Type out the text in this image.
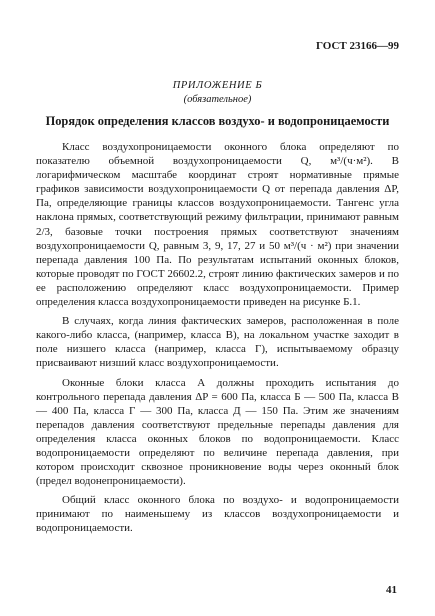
ГОСТ 23166—99
ПРИЛОЖЕНИЕ Б
(обязательное)
Порядок определения классов воздухо- и водопроницаемости

Класс воздухопроницаемости оконного блока определяют по показателю объемной воздухопроницаемости Q, м³/(ч·м²). В логарифмическом масштабе координат строят нормативные прямые графиков зависимости воздухопроницаемости Q от перепада давления ΔP, Па, определяющие границы классов воздухопроницаемости. Тангенс угла наклона прямых, соответствующий режиму фильтрации, принимают равным 2/3, базовые точки построения прямых соответствуют значениям воздухопроницаемости Q, равным 3, 9, 17, 27 и 50 м³/(ч · м²) при значении перепада давления 100 Па. По результатам испытаний оконных блоков, которые проводят по ГОСТ 26602.2, строят линию фактических замеров и по ее расположению определяют класс воздухопроницаемости. Пример определения класса воздухопроницаемости приведен на рисунке Б.1.

В случаях, когда линия фактических замеров, расположенная в поле какого-либо класса, (например, класса В), на локальном участке заходит в поле низшего класса (например, класса Г), испытываемому образцу присваивают низший класс воздухопроницаемости.

Оконные блоки класса А должны проходить испытания до контрольного перепада давления ΔP = 600 Па, класса Б — 500 Па, класса В — 400 Па, класса Г — 300 Па, класса Д — 150 Па. Этим же значениям перепадов давления соответствуют предельные перепады давления для определения класса оконных блоков по водопроницаемости. Класс водопроницаемости определяют по величине перепада давления, при котором происходит сквозное проникновение воды через оконный блок (предел водонепроницаемости).

Общий класс оконного блока по воздухо- и водопроницаемости принимают по наименьшему из классов воздухопроницаемости и водопроницаемости.

41
